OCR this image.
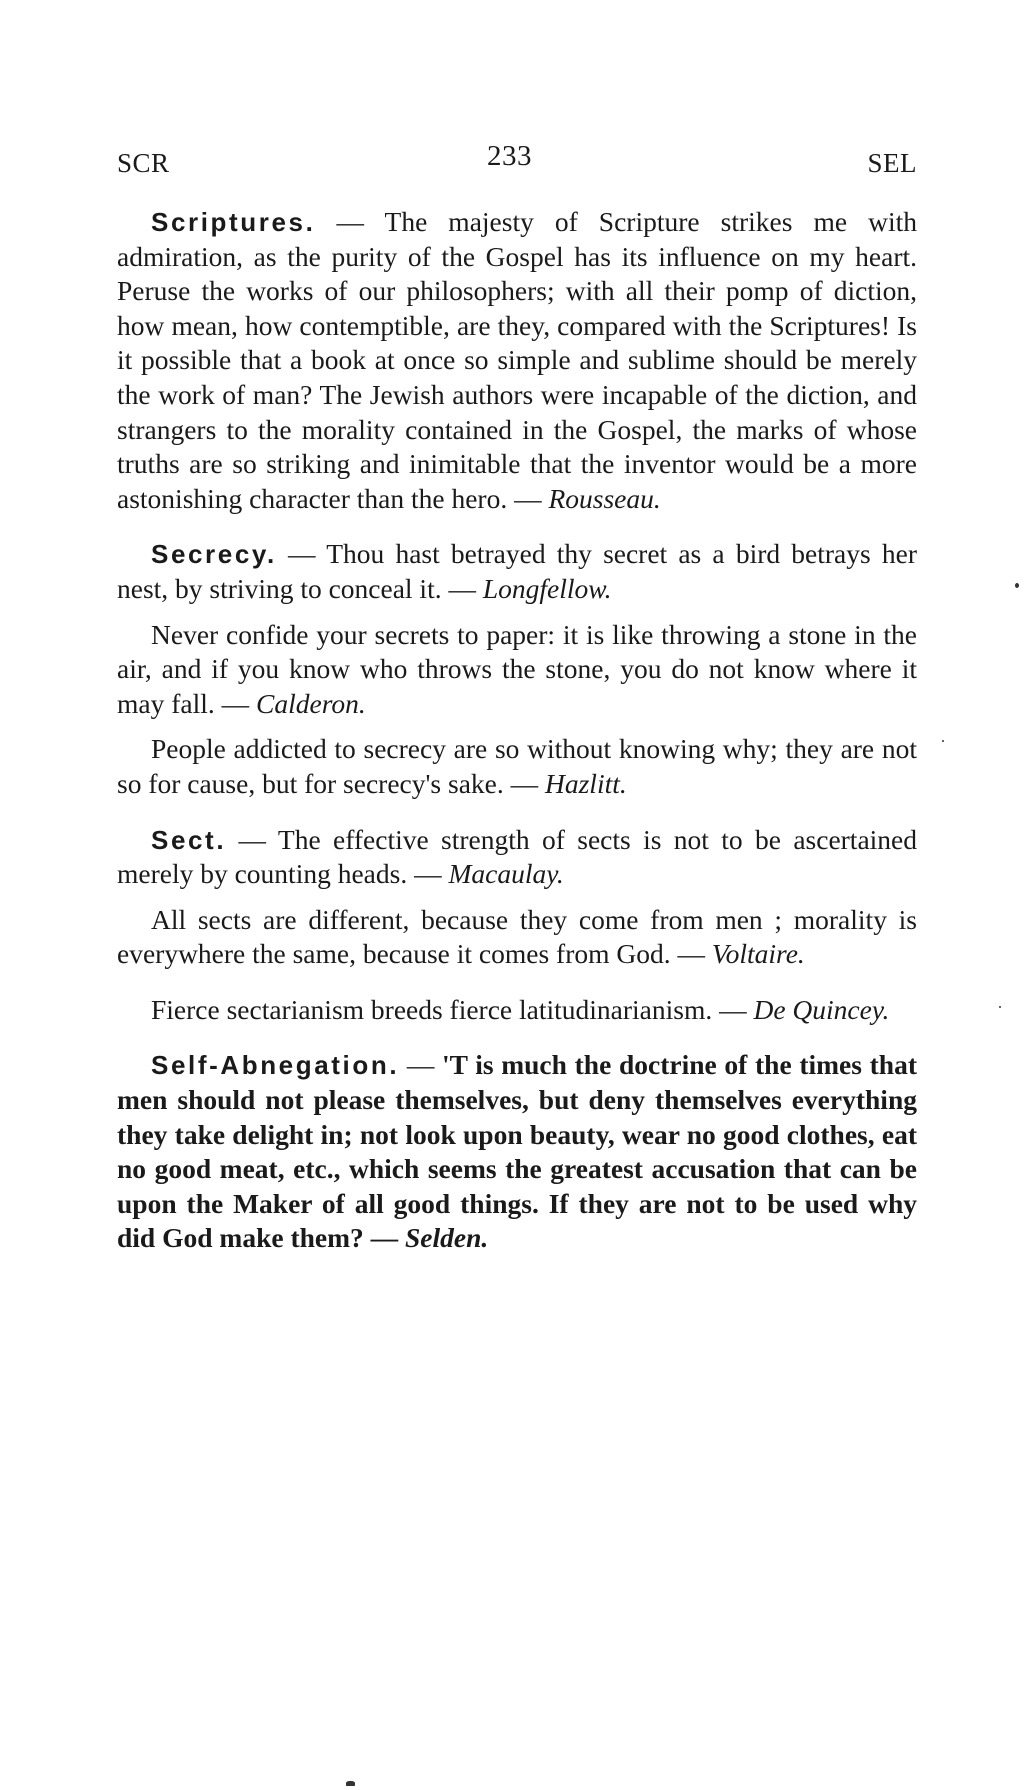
SCR	233	SEL

Scriptures. — The majesty of Scripture strikes me with admiration, as the purity of the Gospel has its influence on my heart. Peruse the works of our philosophers; with all their pomp of diction, how mean, how contemptible, are they, compared with the Scriptures! Is it possible that a book at once so simple and sublime should be merely the work of man? The Jewish authors were incapable of the diction, and strangers to the morality contained in the Gospel, the marks of whose truths are so striking and inimitable that the inventor would be a more astonishing character than the hero. — Rousseau.

Secrecy. — Thou hast betrayed thy secret as a bird betrays her nest, by striving to conceal it. — Longfellow.

Never confide your secrets to paper: it is like throwing a stone in the air, and if you know who throws the stone, you do not know where it may fall. — Calderon.

People addicted to secrecy are so without knowing why; they are not so for cause, but for secrecy's sake. — Hazlitt.

Sect. — The effective strength of sects is not to be ascertained merely by counting heads. — Macaulay.

All sects are different, because they come from men ; morality is everywhere the same, because it comes from God. — Voltaire.

Fierce sectarianism breeds fierce latitudinarianism. — De Quincey.

Self-Abnegation. — 'T is much the doctrine of the times that men should not please themselves, but deny themselves everything they take delight in; not look upon beauty, wear no good clothes, eat no good meat, etc., which seems the greatest accusation that can be upon the Maker of all good things. If they are not to be used why did God make them? — Selden.
